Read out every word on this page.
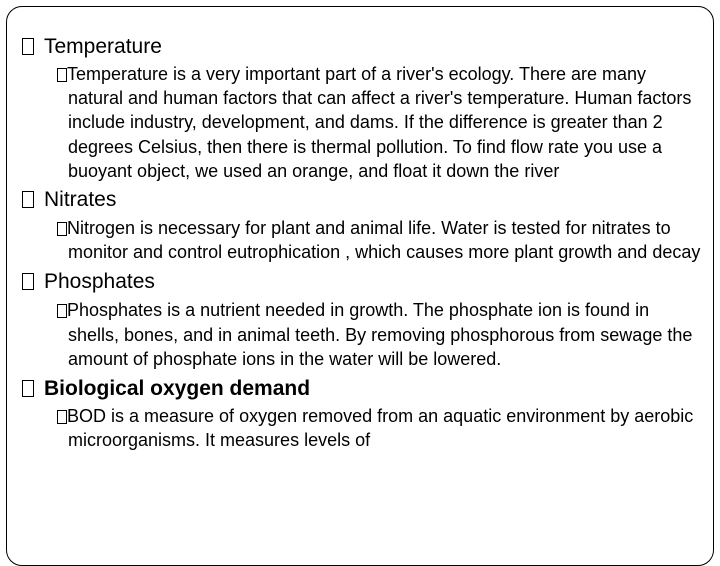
Temperature

Temperature is a very important part of a river's ecology. There are many natural and human factors that can affect a river's temperature. Human factors include industry, development, and dams. If the difference is greater than 2 degrees Celsius, then there is thermal pollution. To find flow rate you use a buoyant object, we used an orange, and float it down the river

Nitrates

Nitrogen is necessary for plant and animal life. Water is tested for nitrates to monitor and control eutrophication , which causes more plant growth and decay

Phosphates

Phosphates is a nutrient needed in growth. The phosphate ion is found in shells, bones, and in animal teeth. By removing phosphorous from sewage the amount of phosphate ions in the water will be lowered.

Biological oxygen demand

BOD is a measure of oxygen removed from an aquatic environment by aerobic microorganisms. It measures levels of
